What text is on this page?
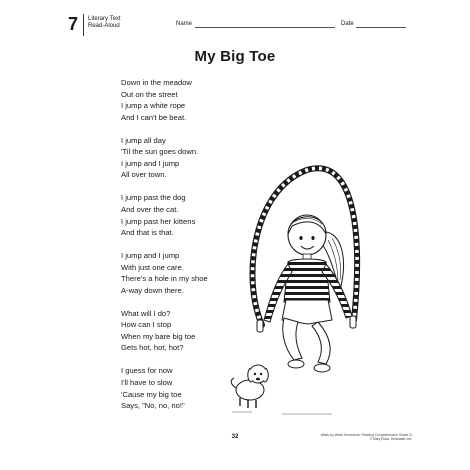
7 Literary Text
Read-Aloud	Name	Date
My Big Toe
Down in the meadow
Out on the street
I jump a white rope
And I can't be beat.
I jump all day
'Til the sun goes down.
I jump and I jump
All over town.
I jump past the dog
And over the cat.
I jump past her kittens
And that is that.
I jump and I jump
With just one care.
There's a hole in my shoe
A-way down there.
What will I do?
How can I stop
When my bare big toe
Gets hot, hot, hot?
I guess for now
I'll have to slow
'Cause my big toe
Says, "No, no, no!"
32	Week-by-Week Homework: Reading Comprehension Grade 2)
© Mary Rosa, Scholastic Inc.
